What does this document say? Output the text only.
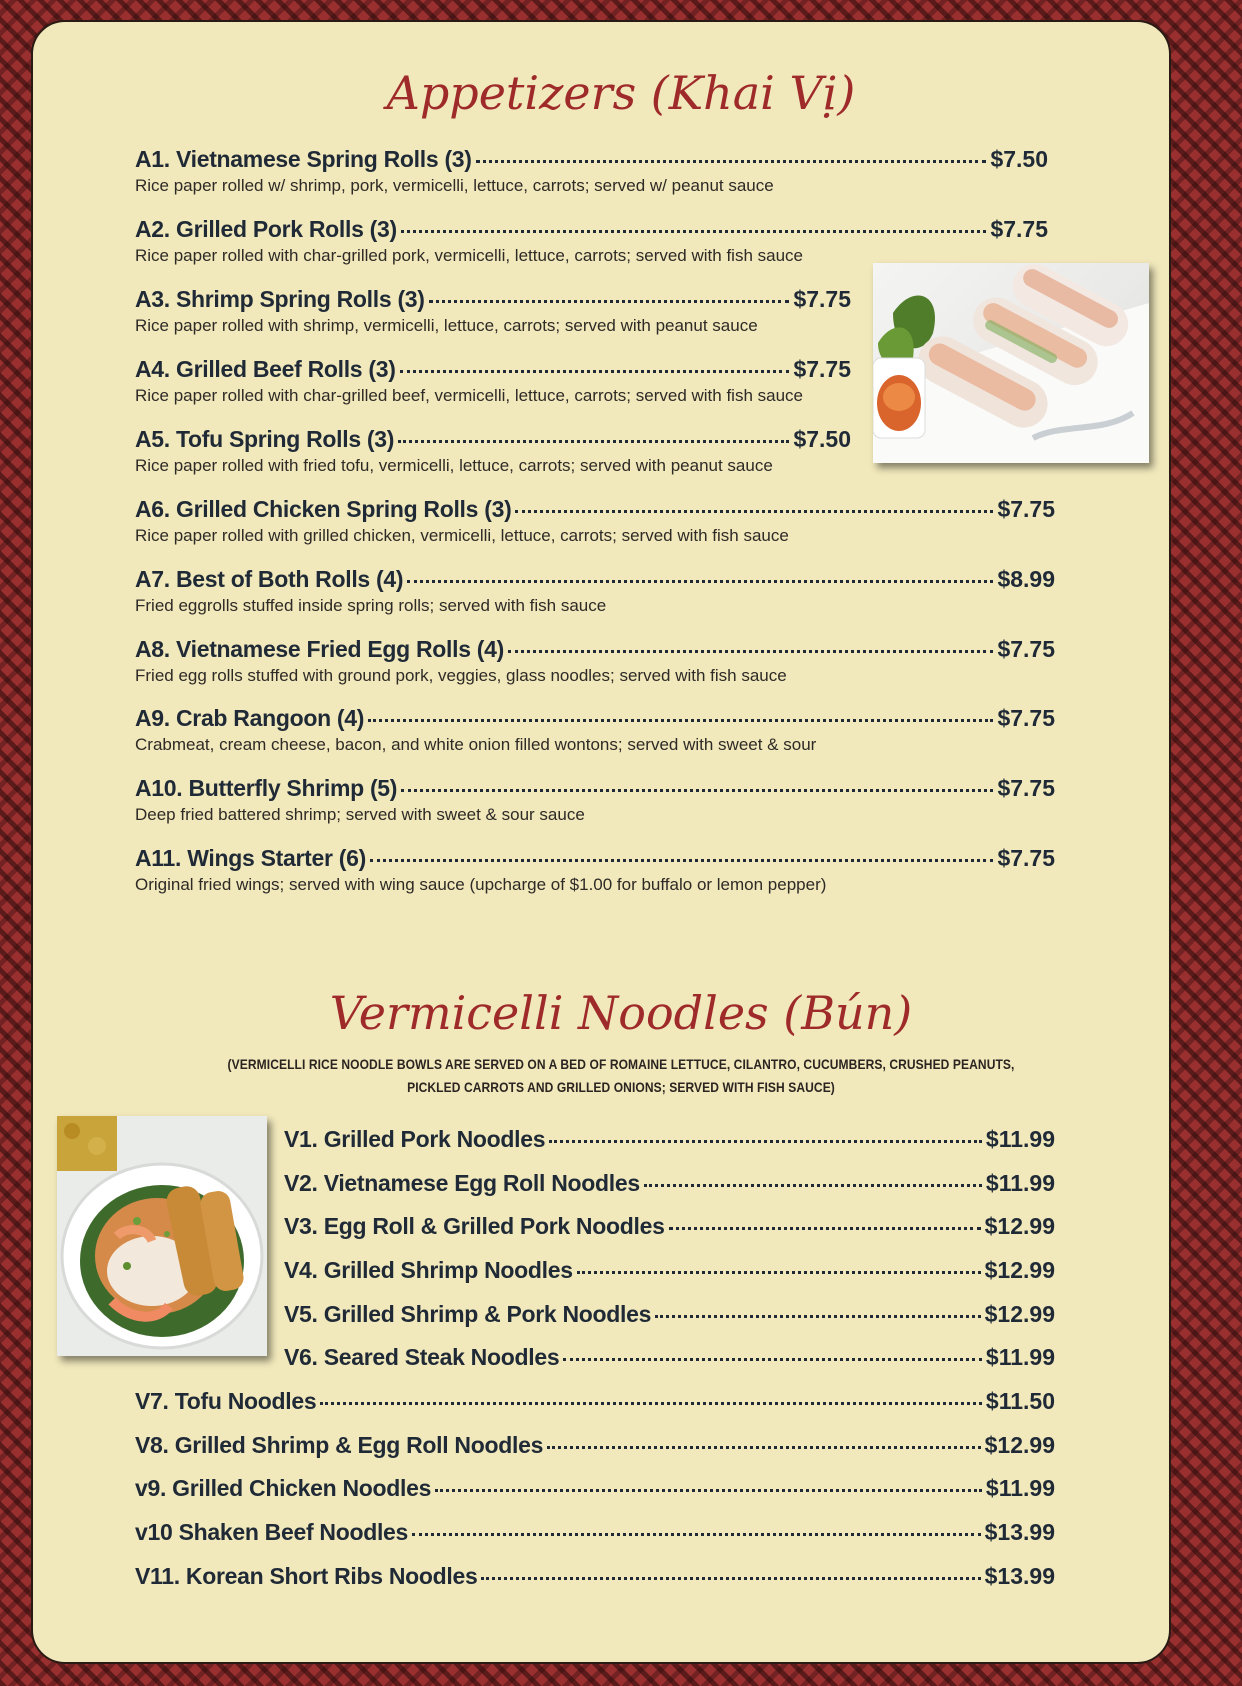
Appetizers (Khai Vị)
A1. Vietnamese Spring Rolls (3)	$7.50
Rice paper rolled w/ shrimp, pork, vermicelli, lettuce, carrots; served w/ peanut sauce
A2. Grilled Pork Rolls (3)	$7.75
Rice paper rolled with char-grilled pork, vermicelli, lettuce, carrots; served with fish sauce
A3. Shrimp Spring Rolls (3)	$7.75
Rice paper rolled with shrimp, vermicelli, lettuce, carrots; served with peanut sauce
A4. Grilled Beef Rolls (3)	$7.75
Rice paper rolled with char-grilled beef, vermicelli, lettuce, carrots; served with fish sauce
A5. Tofu Spring Rolls (3)	$7.50
Rice paper rolled with fried tofu, vermicelli, lettuce, carrots; served with peanut sauce
A6. Grilled Chicken Spring Rolls (3)	$7.75
Rice paper rolled with grilled chicken, vermicelli, lettuce, carrots; served with fish sauce
A7. Best of Both Rolls (4)	$8.99
Fried eggrolls stuffed inside spring rolls; served with fish sauce
A8. Vietnamese Fried Egg Rolls (4)	$7.75
Fried egg rolls stuffed with ground pork, veggies, glass noodles; served with fish sauce
A9. Crab Rangoon (4)	$7.75
Crabmeat, cream cheese, bacon, and white onion filled wontons; served with sweet & sour
A10. Butterfly Shrimp (5)	$7.75
Deep fried battered shrimp; served with sweet & sour sauce
A11. Wings Starter (6)	$7.75
Original fried wings; served with wing sauce (upcharge of $1.00 for buffalo or lemon pepper)
Vermicelli Noodles (Bún)
(VERMICELLI RICE NOODLE BOWLS ARE SERVED ON A BED OF ROMAINE LETTUCE, CILANTRO, CUCUMBERS, CRUSHED PEANUTS,
PICKLED CARROTS AND GRILLED ONIONS; SERVED WITH FISH SAUCE)
V1. Grilled Pork Noodles	$11.99
V2. Vietnamese Egg Roll Noodles	$11.99
V3. Egg Roll & Grilled Pork Noodles	$12.99
V4. Grilled Shrimp Noodles	$12.99
V5. Grilled Shrimp & Pork Noodles	$12.99
V6. Seared Steak Noodles	$11.99
V7. Tofu Noodles	$11.50
V8. Grilled Shrimp & Egg Roll Noodles	$12.99
v9. Grilled Chicken Noodles	$11.99
v10 Shaken Beef Noodles	$13.99
V11. Korean Short Ribs Noodles	$13.99
